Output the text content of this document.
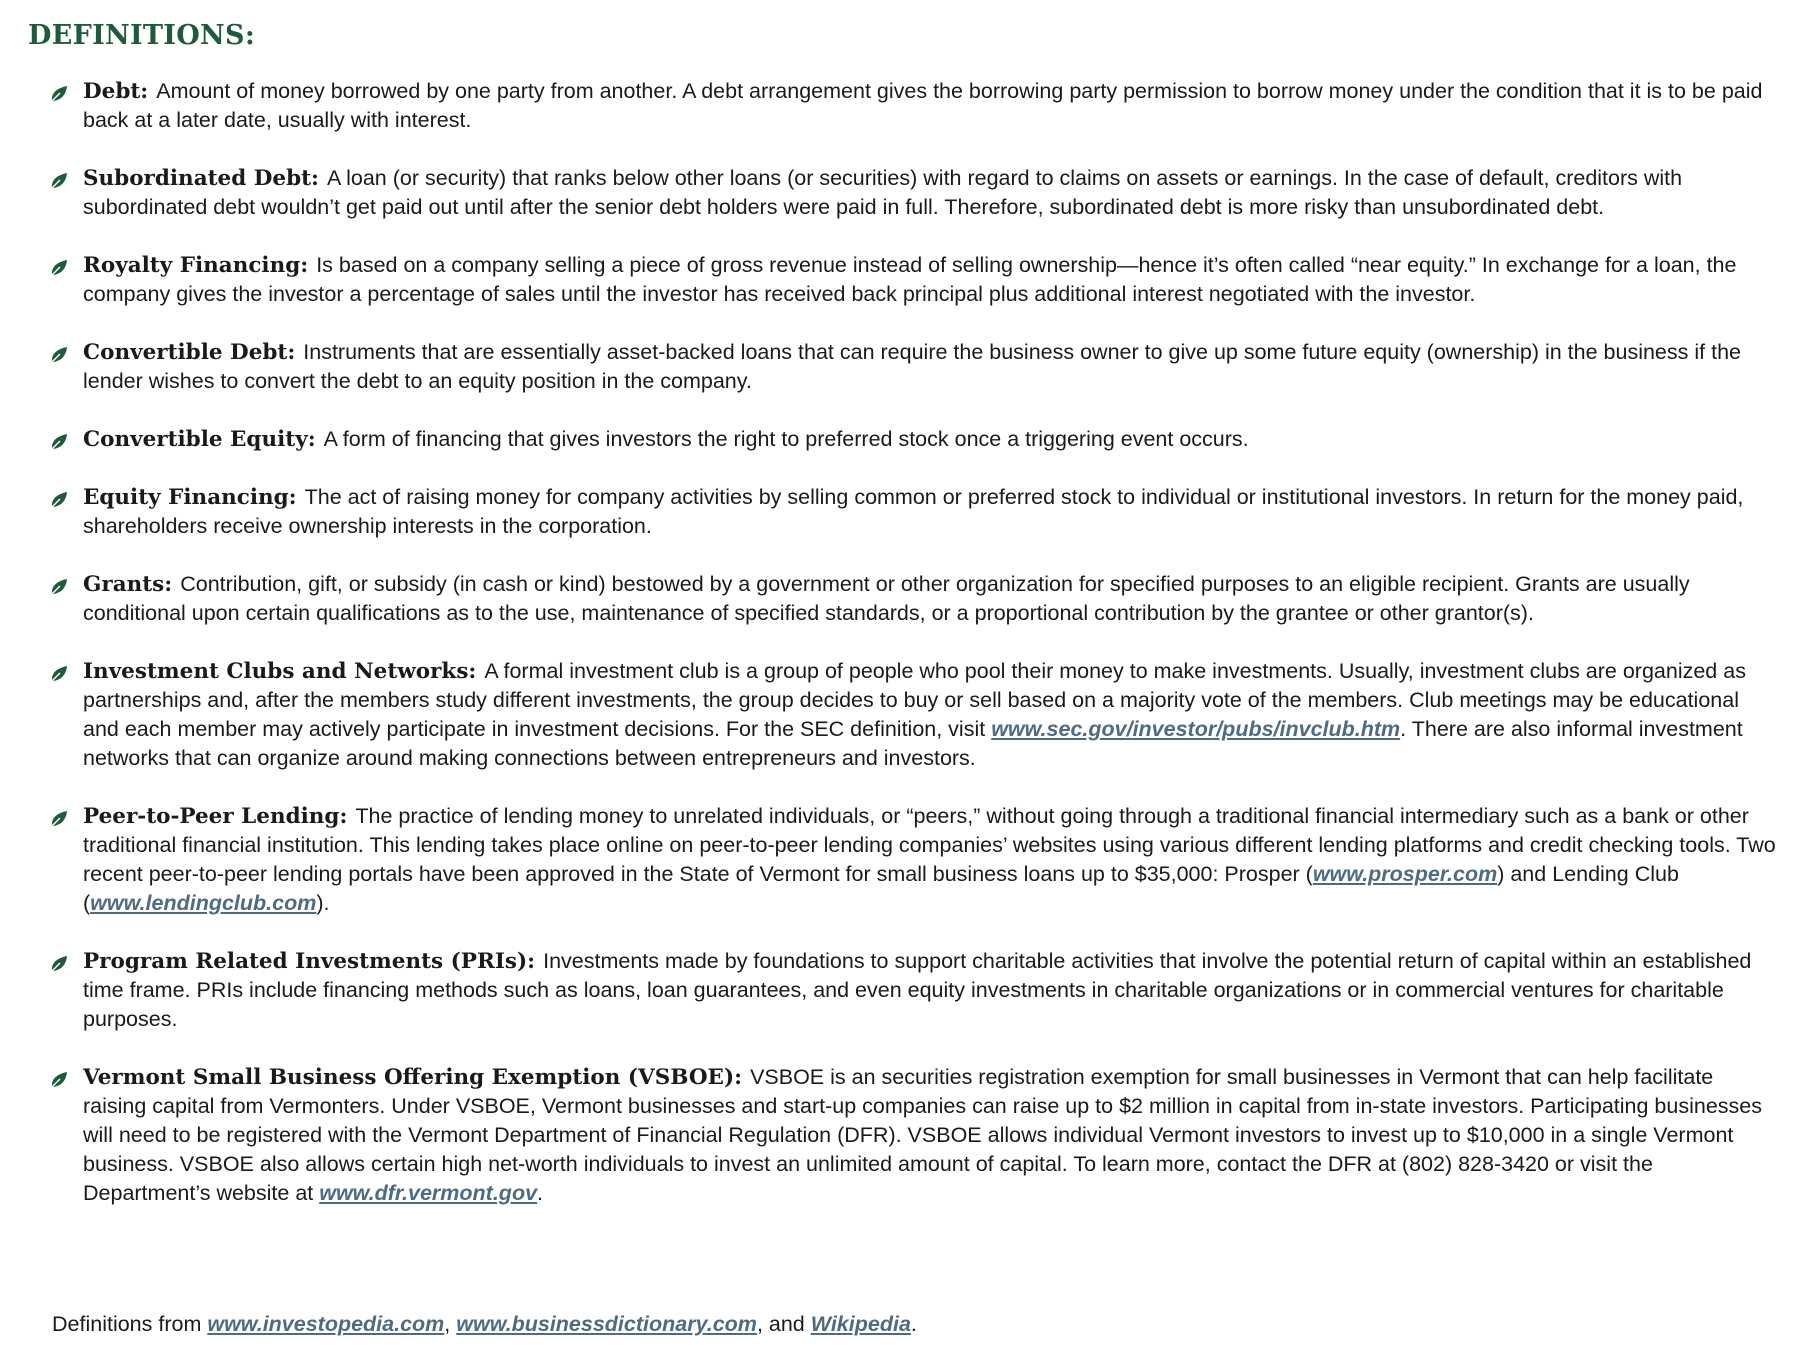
DEFINITIONS:
Debt: Amount of money borrowed by one party from another. A debt arrangement gives the borrowing party permission to borrow money under the condition that it is to be paid back at a later date, usually with interest.
Subordinated Debt: A loan (or security) that ranks below other loans (or securities) with regard to claims on assets or earnings. In the case of default, creditors with subordinated debt wouldn’t get paid out until after the senior debt holders were paid in full. Therefore, subordinated debt is more risky than unsubordinated debt.
Royalty Financing: Is based on a company selling a piece of gross revenue instead of selling ownership—hence it’s often called “near equity.” In exchange for a loan, the company gives the investor a percentage of sales until the investor has received back principal plus additional interest negotiated with the investor.
Convertible Debt: Instruments that are essentially asset-backed loans that can require the business owner to give up some future equity (ownership) in the business if the lender wishes to convert the debt to an equity position in the company.
Convertible Equity: A form of financing that gives investors the right to preferred stock once a triggering event occurs.
Equity Financing: The act of raising money for company activities by selling common or preferred stock to individual or institutional investors. In return for the money paid, shareholders receive ownership interests in the corporation.
Grants: Contribution, gift, or subsidy (in cash or kind) bestowed by a government or other organization for specified purposes to an eligible recipient. Grants are usually conditional upon certain qualifications as to the use, maintenance of specified standards, or a proportional contribution by the grantee or other grantor(s).
Investment Clubs and Networks: A formal investment club is a group of people who pool their money to make investments. Usually, investment clubs are organized as partnerships and, after the members study different investments, the group decides to buy or sell based on a majority vote of the members. Club meetings may be educational and each member may actively participate in investment decisions. For the SEC definition, visit www.sec.gov/investor/pubs/invclub.htm. There are also informal investment networks that can organize around making connections between entrepreneurs and investors.
Peer-to-Peer Lending: The practice of lending money to unrelated individuals, or “peers,” without going through a traditional financial intermediary such as a bank or other traditional financial institution. This lending takes place online on peer-to-peer lending companies’ websites using various different lending platforms and credit checking tools. Two recent peer-to-peer lending portals have been approved in the State of Vermont for small business loans up to $35,000: Prosper (www.prosper.com) and Lending Club (www.lendingclub.com).
Program Related Investments (PRIs): Investments made by foundations to support charitable activities that involve the potential return of capital within an established time frame. PRIs include financing methods such as loans, loan guarantees, and even equity investments in charitable organizations or in commercial ventures for charitable purposes.
Vermont Small Business Offering Exemption (VSBOE): VSBOE is an securities registration exemption for small businesses in Vermont that can help facilitate raising capital from Vermonters. Under VSBOE, Vermont businesses and start-up companies can raise up to $2 million in capital from in-state investors. Participating businesses will need to be registered with the Vermont Department of Financial Regulation (DFR). VSBOE allows individual Vermont investors to invest up to $10,000 in a single Vermont business. VSBOE also allows certain high net-worth individuals to invest an unlimited amount of capital. To learn more, contact the DFR at (802) 828-3420 or visit the Department’s website at www.dfr.vermont.gov.
Definitions from www.investopedia.com, www.businessdictionary.com, and Wikipedia.
